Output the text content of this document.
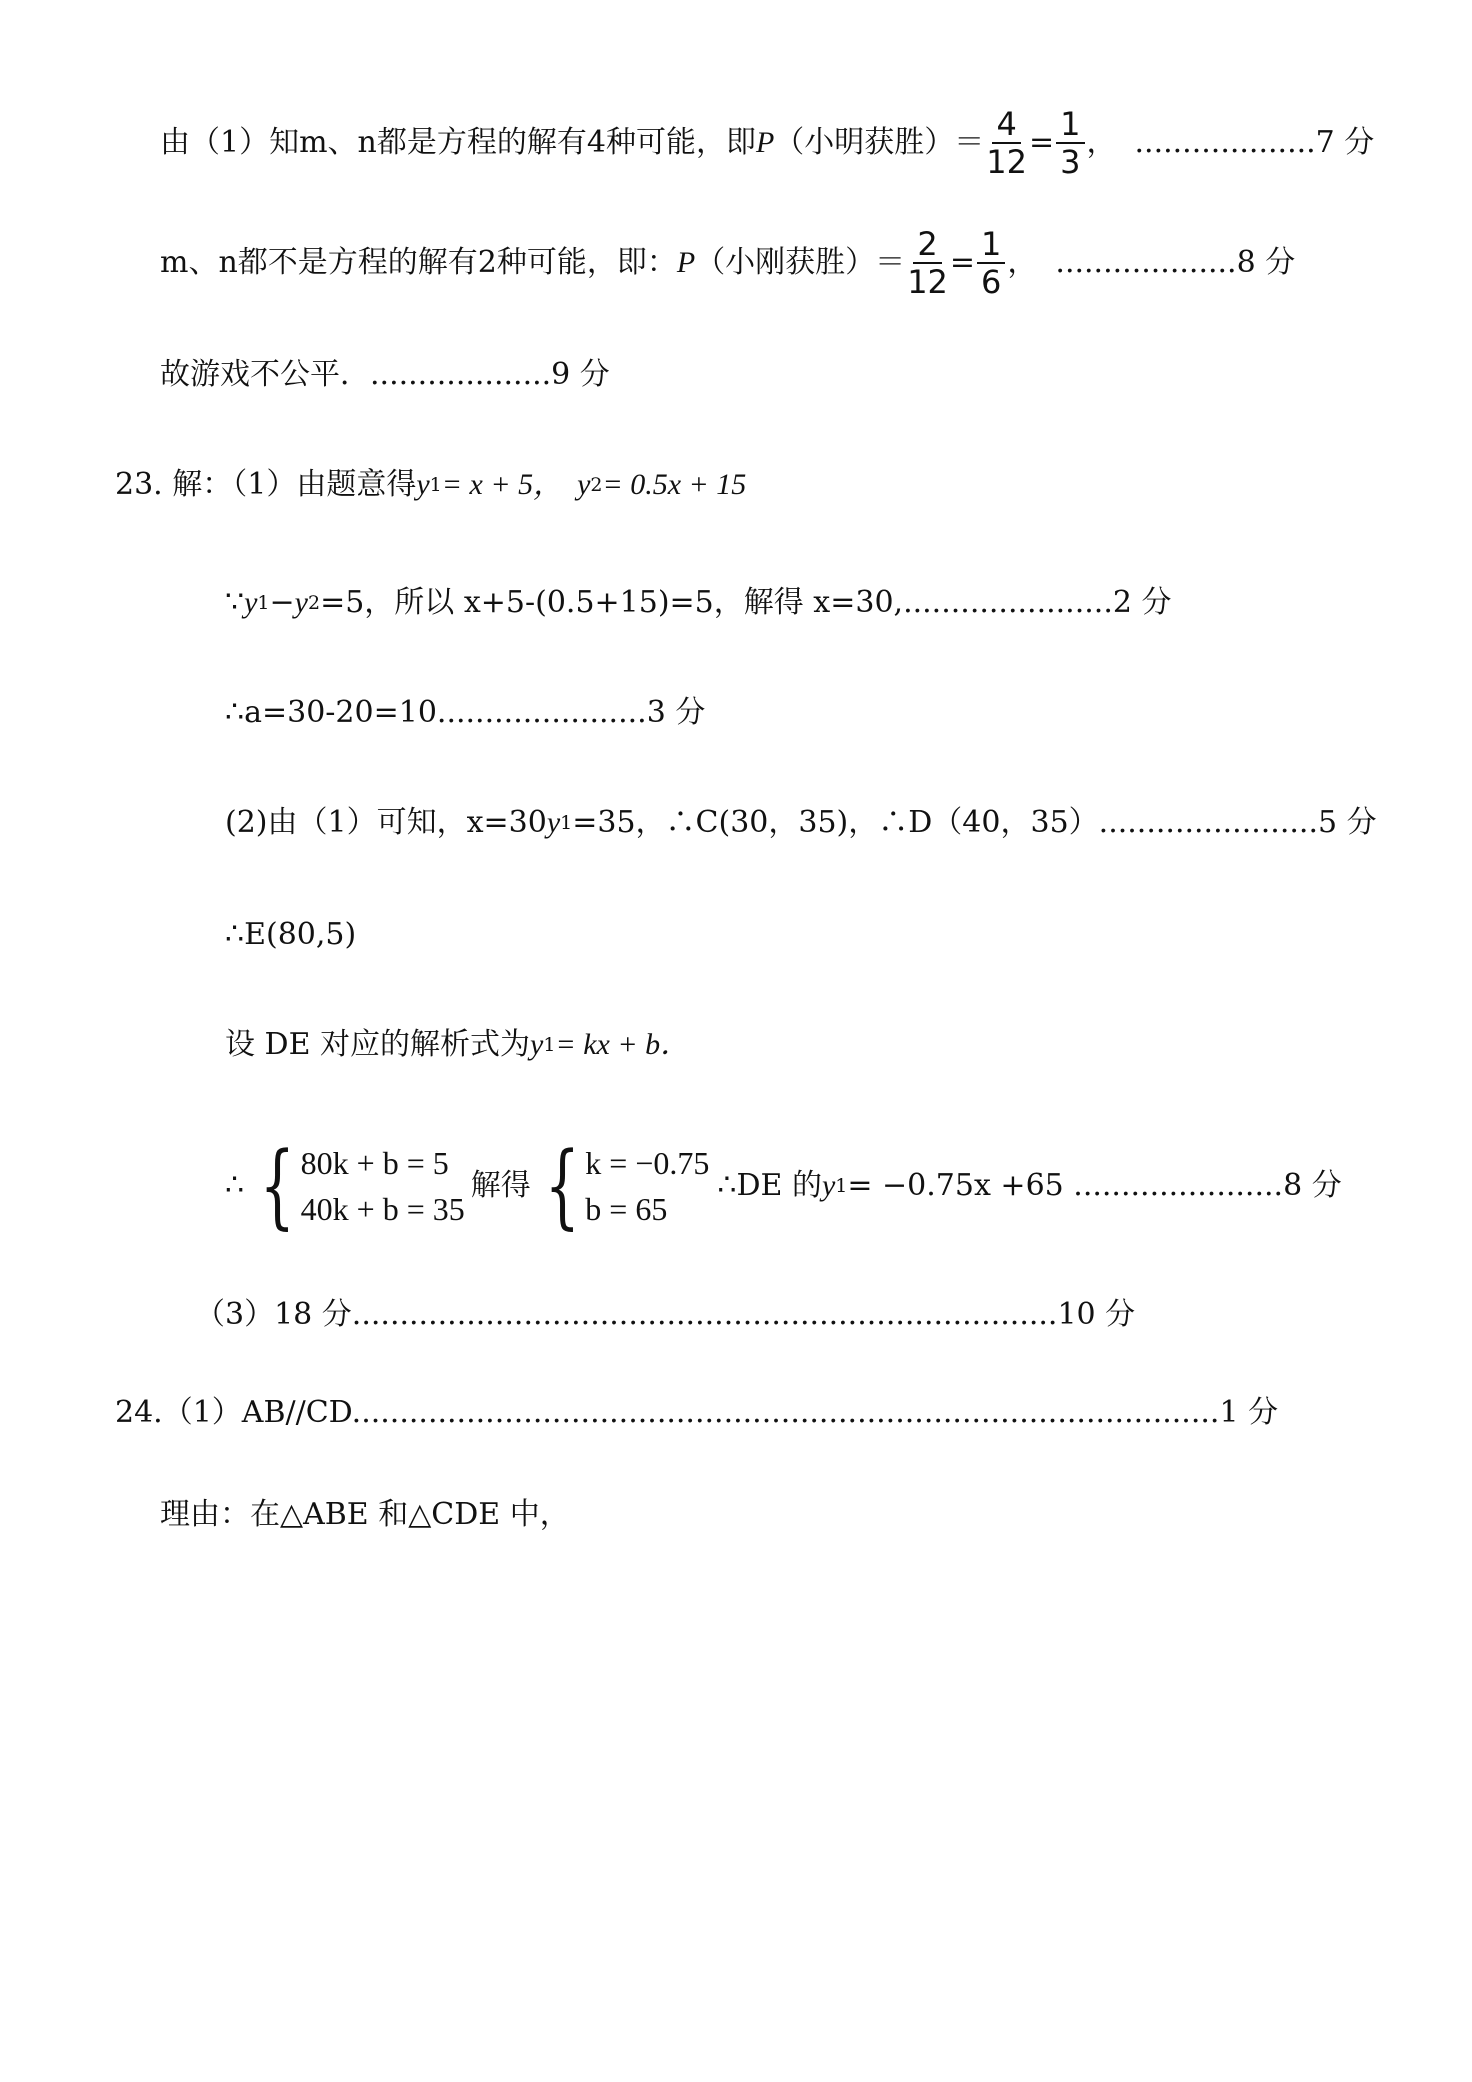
由（1）知m、n都是方程的解有4种可能，即 P （小明获胜）＝ $\frac{4}{12} = \frac{1}{3}$ ， ...................7 分
m、n都不是方程的解有2种可能，即： P （小刚获胜）＝ $\frac{2}{12} = \frac{1}{6}$ ， ...................8 分
故游戏不公平．...................9 分
23. 解：（1）由题意得 y 1 = x + 5， y 2 = 0.5x + 15
∵ y 1 − y 2 =5，所以 x+5-(0.5+15)=5，解得 x=30,......................2 分
∴a=30-20=10......................3 分
(2)由（1）可知，x=30 y 1 =35，∴C(30，35)，∴D（40，35）.......................5 分
∴E(80,5)
设 DE 对应的解析式为 y 1 = kx + b．
∴ { 80k + b = 5
40k + b = 35
解得 { k = −0.75
b = 65
∴DE 的 y 1 = −0.75x +65 ......................8 分
（3）18 分..........................................................................10 分
24.（1）AB//CD...........................................................................................1 分
理由：在△ABE 和△CDE 中，
